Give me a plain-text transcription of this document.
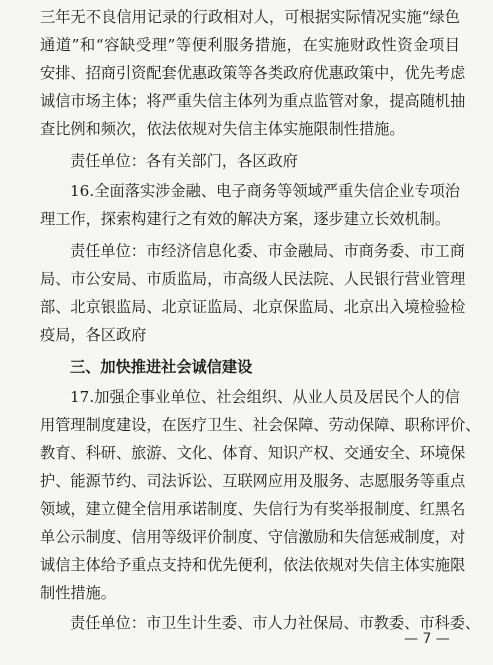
三年无不良信用记录的行政相对人，可根据实际情况实施“绿色
通道”和“容缺受理”等便利服务措施，在实施财政性资金项目
安排、招商引资配套优惠政策等各类政府优惠政策中，优先考虑
诚信市场主体；将严重失信主体列为重点监管对象，提高随机抽
查比例和频次，依法依规对失信主体实施限制性措施。
责任单位：各有关部门，各区政府
16.全面落实涉金融、电子商务等领域严重失信企业专项治
理工作，探索构建行之有效的解决方案，逐步建立长效机制。
责任单位：市经济信息化委、市金融局、市商务委、市工商
局、市公安局、市质监局，市高级人民法院、人民银行营业管理
部、北京银监局、北京证监局、北京保监局、北京出入境检验检
疫局，各区政府
三、加快推进社会诚信建设
17.加强企事业单位、社会组织、从业人员及居民个人的信
用管理制度建设，在医疗卫生、社会保障、劳动保障、职称评价、
教育、科研、旅游、文化、体育、知识产权、交通安全、环境保
护、能源节约、司法诉讼、互联网应用及服务、志愿服务等重点
领域，建立健全信用承诺制度、失信行为有奖举报制度、红黑名
单公示制度、信用等级评价制度、守信激励和失信惩戒制度，对
诚信主体给予重点支持和优先便利，依法依规对失信主体实施限
制性措施。
责任单位：市卫生计生委、市人力社保局、市教委、市科委、
— 7 —
